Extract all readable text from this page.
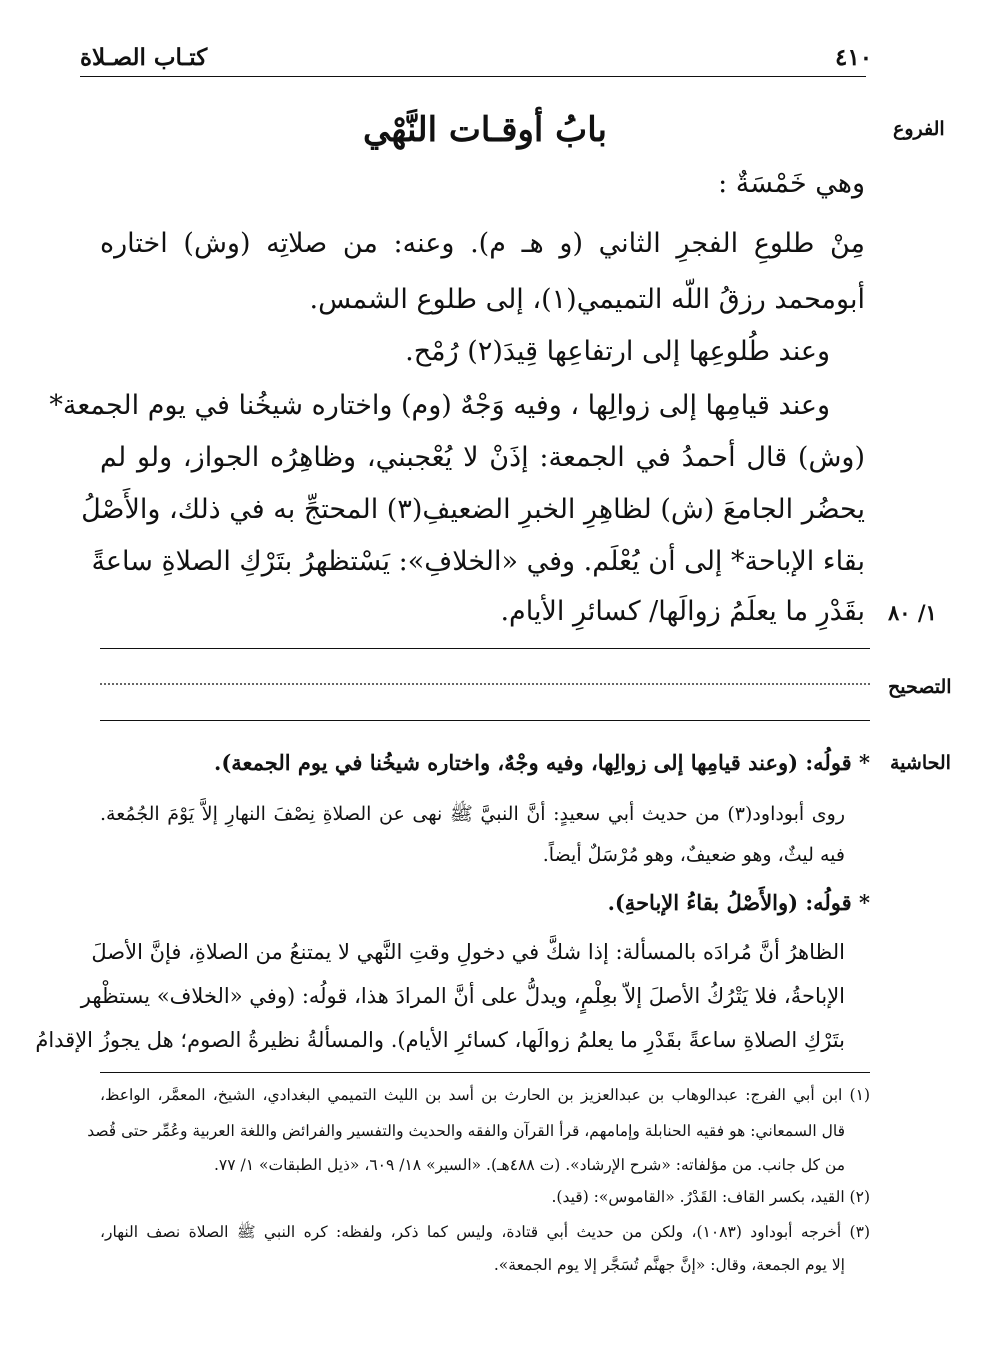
كتـاب الصـلاة	٤١٠
الفروع
١/ ٨٠
التصحيح
الحاشية
بابُ أوقـات النَّهْي
وهي خَمْسَةٌ :
مِنْ طلوعِ الفجرِ الثاني (و هـ م). وعنه: من صلاتِه (وش) اختاره
أبومحمد رزقُ اللّه التميمي(١)، إلى طلوع الشمس.
وعند طُلوعِها إلى ارتفاعِها قِيدَ(٢) رُمْح.
وعند قيامِها إلى زوالِها ، وفيه وَجْهٌ (وم) واختاره شيخُنا في يوم الجمعة*
(وش) قال أحمدُ في الجمعة: إذَنْ لا يُعْجبني، وظاهِرُه الجواز، ولو لم
يحضُر الجامعَ (ش) لظاهِرِ الخبرِ الضعيفِ(٣) المحتجِّ به في ذلك، والأَصْلُ
بقاء الإباحة* إلى أن يُعْلَم. وفي «الخلافِ»: يَسْتظهرُ بتَرْكِ الصلاةِ ساعةً
بقَدْرِ ما يعلَمُ زوالَها/ كسائرِ الأيام.
* قولُه: (وعند قيامِها إلى زوالِها، وفيه وجْهٌ، واختاره شيخُنا في يوم الجمعة).
روى أبوداود(٣) من حديث أبي سعيدٍ: أنَّ النبيَّ ﷺ نهى عن الصلاةِ نِصْفَ النهارِ إلاَّ يَوْمَ الجُمُعة.
فيه ليثٌ، وهو ضعيفٌ، وهو مُرْسَلٌ أيضاً.
* قولُه: (والأَصْلُ بقاءُ الإباحةِ).
الظاهرُ أنَّ مُرادَه بالمسألة: إذا شكَّ في دخولِ وقتِ النَّهي لا يمتنعُ من الصلاةِ، فإنَّ الأصلَ
الإباحةُ، فلا يَتْرُكُ الأصلَ إلاّ بعِلْمٍ، ويدلُّ على أنَّ المرادَ هذا، قولُه: (وفي «الخلاف» يستظْهر
بتَرْكِ الصلاةِ ساعةً بقَدْرِ ما يعلمُ زوالَها، كسائرِ الأيام). والمسألةُ نظيرةُ الصوم؛ هل يجوزُ الإقدامُ
(١) ابن أبي الفرج: عبدالوهاب بن عبدالعزيز بن الحارث بن أسد بن الليث التميمي البغدادي، الشيخ، المعمَّر، الواعظ،
قال السمعاني: هو فقيه الحنابلة وإمامهم، قرأ القرآن والفقه والحديث والتفسير والفرائض واللغة العربية وعُمِّر حتى قُصد
من كل جانب. من مؤلفاته: «شرح الإرشاد». (ت ٤٨٨هـ). «السير» ١٨/ ٦٠٩، «ذيل الطبقات» ١/ ٧٧.
(٢) القيد، بكسر القاف: القَدْرُ. «القاموس»: (قيد).
(٣) أخرجه أبوداود (١٠٨٣)، ولكن من حديث أبي قتادة، وليس كما ذكر، ولفظه: كره النبي ﷺ الصلاة نصف النهار،
إلا يوم الجمعة، وقال: «إنَّ جهنَّم تُسَجَّر إلا يوم الجمعة».
